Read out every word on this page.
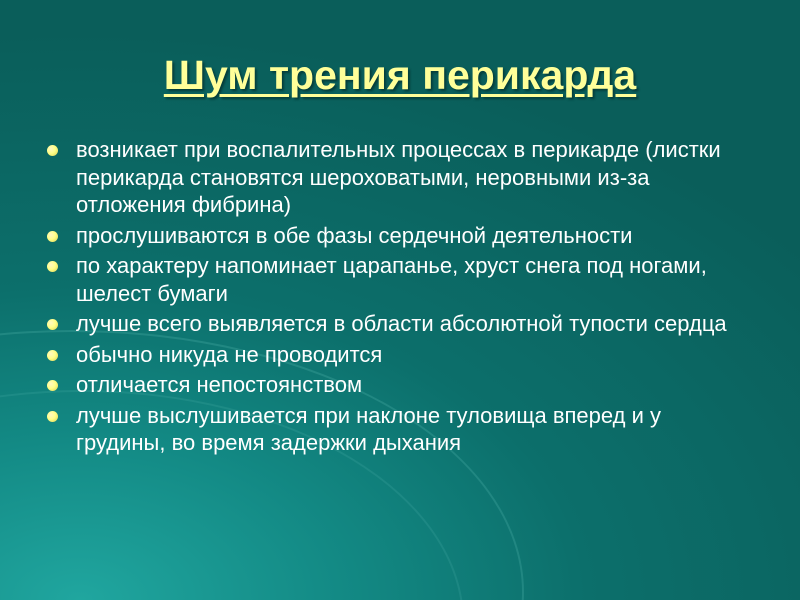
Шум трения перикарда
возникает при воспалительных процессах в перикарде (листки перикарда становятся шероховатыми, неровными из-за отложения фибрина)
прослушиваются в обе фазы сердечной деятельности
по характеру напоминает царапанье, хруст снега под ногами, шелест бумаги
лучше всего выявляется в области абсолютной тупости сердца
обычно никуда не проводится
отличается непостоянством
лучше выслушивается при наклоне туловища вперед и у грудины, во время задержки дыхания
